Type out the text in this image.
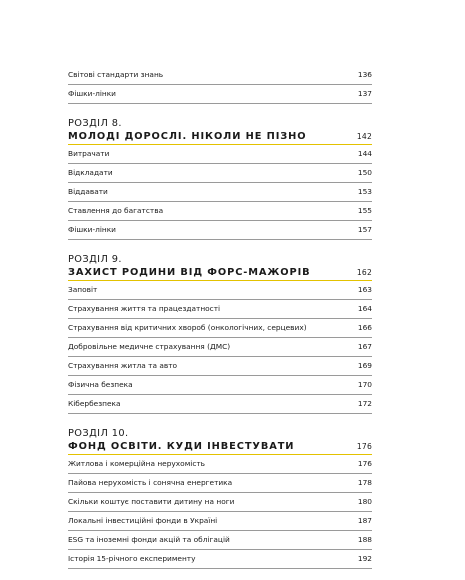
Світові стандарти знань	136
Фішки-лінки	137
РОЗДІЛ 8.
МОЛОДІ ДОРОСЛІ. НІКОЛИ НЕ ПІЗНО	142
Витрачати	144
Відкладати	150
Віддавати	153
Ставлення до багатства	155
Фішки-лінки	157
РОЗДІЛ 9.
ЗАХИСТ РОДИНИ ВІД ФОРС-МАЖОРІВ	162
Заповіт	163
Страхування життя та працездатності	164
Страхування від критичних хвороб (онкологічних, серцевих)	166
Добровільне медичне страхування (ДМС)	167
Страхування житла та авто	169
Фізична безпека	170
Кібербезпека	172
РОЗДІЛ 10.
ФОНД ОСВІТИ. КУДИ ІНВЕСТУВАТИ	176
Житлова і комерційна нерухомість	176
Пайова нерухомість і сонячна енергетика	178
Скільки коштує поставити дитину на ноги	180
Локальні інвестиційні фонди в Україні	187
ESG та іноземні фонди акцій та облігацій	188
Історія 15-річного експерименту	192
